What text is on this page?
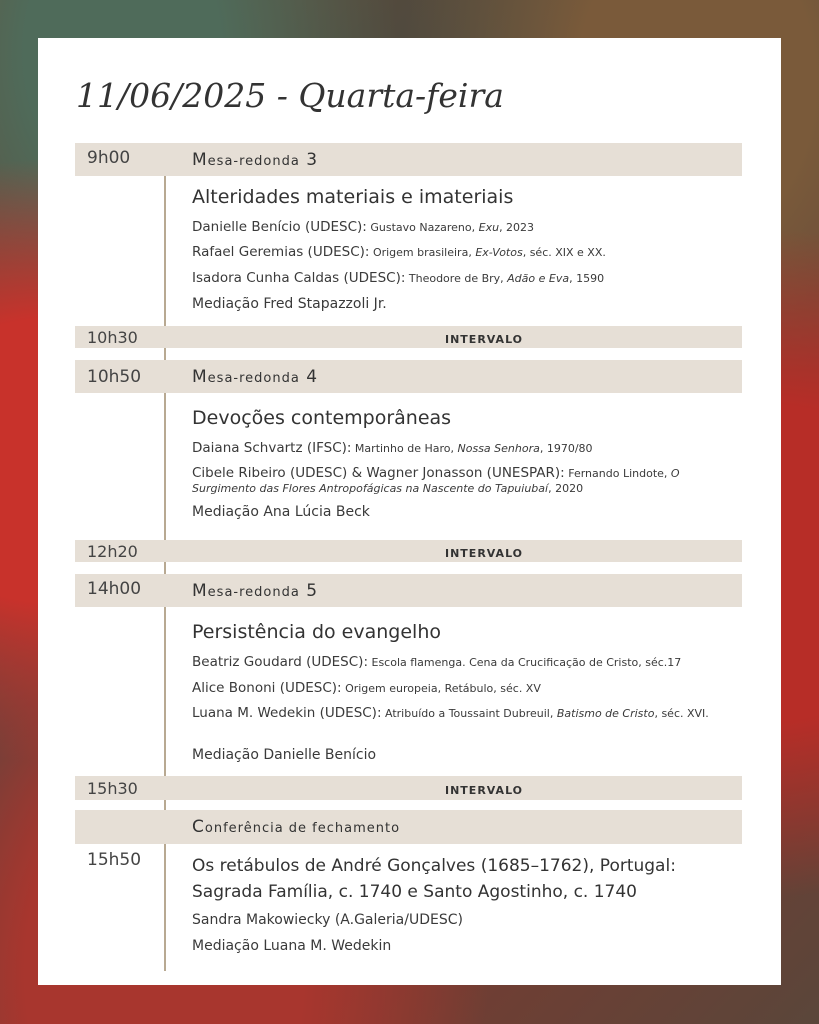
11/06/2025 - Quarta-feira
9h00	Mesa-redonda 3
Alteridades materiais e imateriais
Danielle Benício (UDESC): Gustavo Nazareno, Exu, 2023
Rafael Geremias (UDESC): Origem brasileira, Ex-Votos, séc. XIX e XX.
Isadora Cunha Caldas (UDESC): Theodore de Bry, Adão e Eva, 1590
Mediação Fred Stapazzoli Jr.
10h30	INTERVALO
10h50	Mesa-redonda 4
Devoções contemporâneas
Daiana Schvartz (IFSC): Martinho de Haro, Nossa Senhora, 1970/80
Cibele Ribeiro (UDESC) & Wagner Jonasson (UNESPAR): Fernando Lindote, O Surgimento das Flores Antropofágicas na Nascente do Tapuiubaí, 2020
Mediação Ana Lúcia Beck
12h20	INTERVALO
14h00	Mesa-redonda 5
Persistência do evangelho
Beatriz Goudard (UDESC): Escola flamenga. Cena da Crucificação de Cristo, séc.17
Alice Bononi (UDESC): Origem europeia, Retábulo, séc. XV
Luana M. Wedekin (UDESC): Atribuído a Toussaint Dubreuil, Batismo de Cristo, séc. XVI.
Mediação Danielle Benício
15h30	INTERVALO
Conferência de fechamento
15h50	Os retábulos de André Gonçalves (1685–1762), Portugal:
Sagrada Família, c. 1740 e Santo Agostinho, c. 1740
Sandra Makowiecky (A.Galeria/UDESC)
Mediação Luana M. Wedekin
